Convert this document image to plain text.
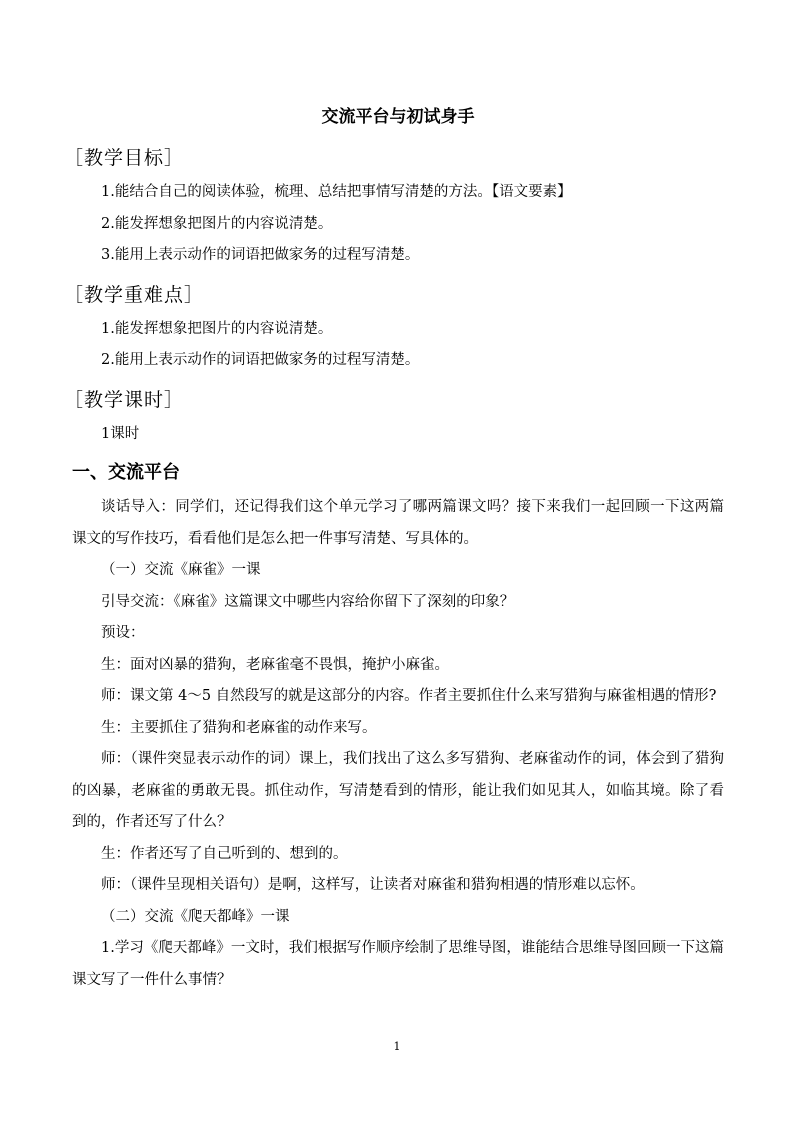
交流平台与初试身手
［教学目标］

1.能结合自己的阅读体验，梳理、总结把事情写清楚的方法。【语文要素】

2.能发挥想象把图片的内容说清楚。

3.能用上表示动作的词语把做家务的过程写清楚。

［教学重难点］

1.能发挥想象把图片的内容说清楚。

2.能用上表示动作的词语把做家务的过程写清楚。

［教学课时］

1课时

一、交流平台

谈话导入：同学们，还记得我们这个单元学习了哪两篇课文吗？接下来我们一起回顾一下这两篇课文的写作技巧，看看他们是怎么把一件事写清楚、写具体的。

（一）交流《麻雀》一课

引导交流：《麻雀》这篇课文中哪些内容给你留下了深刻的印象？

预设：

生：面对凶暴的猎狗，老麻雀毫不畏惧，掩护小麻雀。

师：课文第 4～5 自然段写的就是这部分的内容。作者主要抓住什么来写猎狗与麻雀相遇的情形?

生：主要抓住了猎狗和老麻雀的动作来写。

师：（课件突显表示动作的词）课上，我们找出了这么多写猎狗、老麻雀动作的词，体会到了猎狗的凶暴，老麻雀的勇敢无畏。抓住动作，写清楚看到的情形，能让我们如见其人，如临其境。除了看到的，作者还写了什么？

生：作者还写了自己听到的、想到的。

师：（课件呈现相关语句）是啊，这样写，让读者对麻雀和猎狗相遇的情形难以忘怀。

（二）交流《爬天都峰》一课

1.学习《爬天都峰》一文时，我们根据写作顺序绘制了思维导图，谁能结合思维导图回顾一下这篇课文写了一件什么事情？

1
